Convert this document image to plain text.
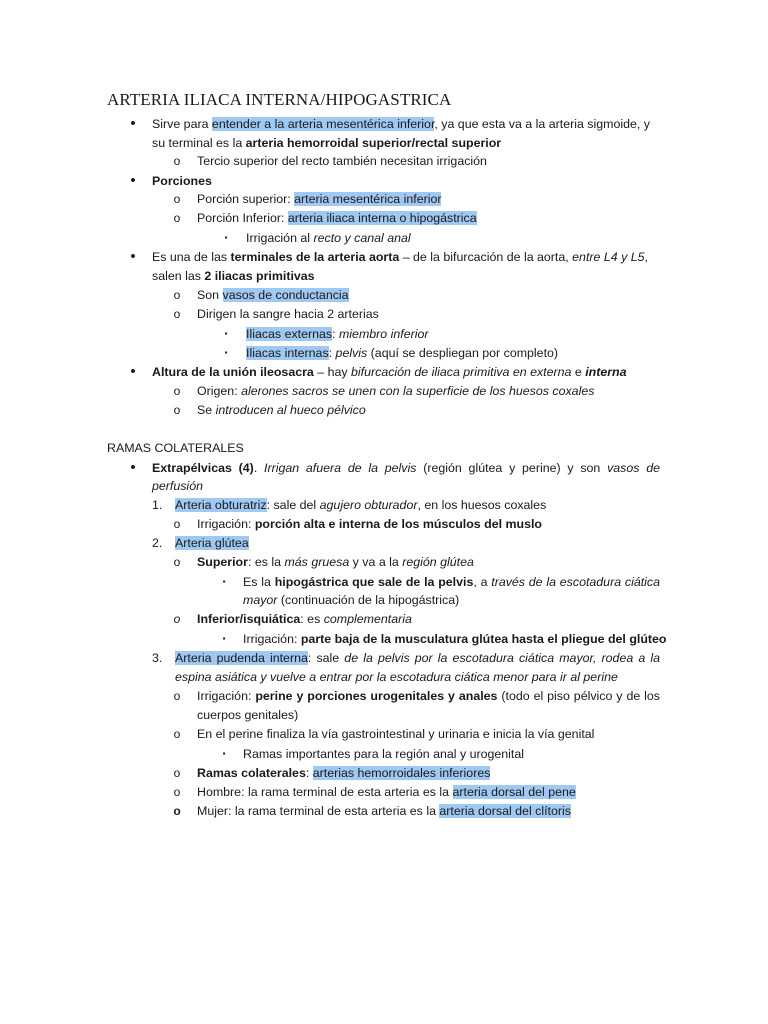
ARTERIA ILIACA INTERNA/HIPOGASTRICA
• Sirve para entender a la arteria mesentérica inferior, ya que esta va a la arteria sigmoide, y
su terminal es la arteria hemorroidal superior/rectal superior
o Tercio superior del recto también necesitan irrigación
• Porciones
o Porción superior: arteria mesentérica inferior
o Porción Inferior: arteria iliaca interna o hipogástrica
▪	Irrigación al recto y canal anal
• Es una de las terminales de la arteria aorta – de la bifurcación de la aorta, entre L4 y L5,
salen las 2 iliacas primitivas
o Son vasos de conductancia
o Dirigen la sangre hacia 2 arterias
▪	Iliacas externas: miembro inferior
▪	Iliacas internas: pelvis (aquí se despliegan por completo)
• Altura de la unión ileosacra – hay bifurcación de iliaca primitiva en externa e interna
o Origen: alerones sacros se unen con la superficie de los huesos coxales
o Se introducen al hueco pélvico
RAMAS COLATERALES
• Extrapélvicas (4). Irrigan afuera de la pelvis (región glútea y perine) y son vasos de
perfusión
1. Arteria obturatriz: sale del agujero obturador, en los huesos coxales
o Irrigación: porción alta e interna de los músculos del muslo
2. Arteria glútea
o Superior: es la más gruesa y va a la región glútea
▪	Es la hipogástrica que sale de la pelvis, a través de la escotadura ciática
mayor (continuación de la hipogástrica)
o Inferior/isquiática: es complementaria
▪	Irrigación: parte baja de la musculatura glútea hasta el pliegue del glúteo
3. Arteria pudenda interna: sale de la pelvis por la escotadura ciática mayor, rodea a la
espina asiática y vuelve a entrar por la escotadura ciática menor para ir al perine
o Irrigación: perine y porciones urogenitales y anales (todo el piso pélvico y de los
cuerpos genitales)
o En el perine finaliza la vía gastrointestinal y urinaria e inicia la vía genital
▪	Ramas importantes para la región anal y urogenital
o Ramas colaterales: arterias hemorroidales inferiores
o Hombre: la rama terminal de esta arteria es la arteria dorsal del pene
o Mujer: la rama terminal de esta arteria es la arteria dorsal del clítoris
